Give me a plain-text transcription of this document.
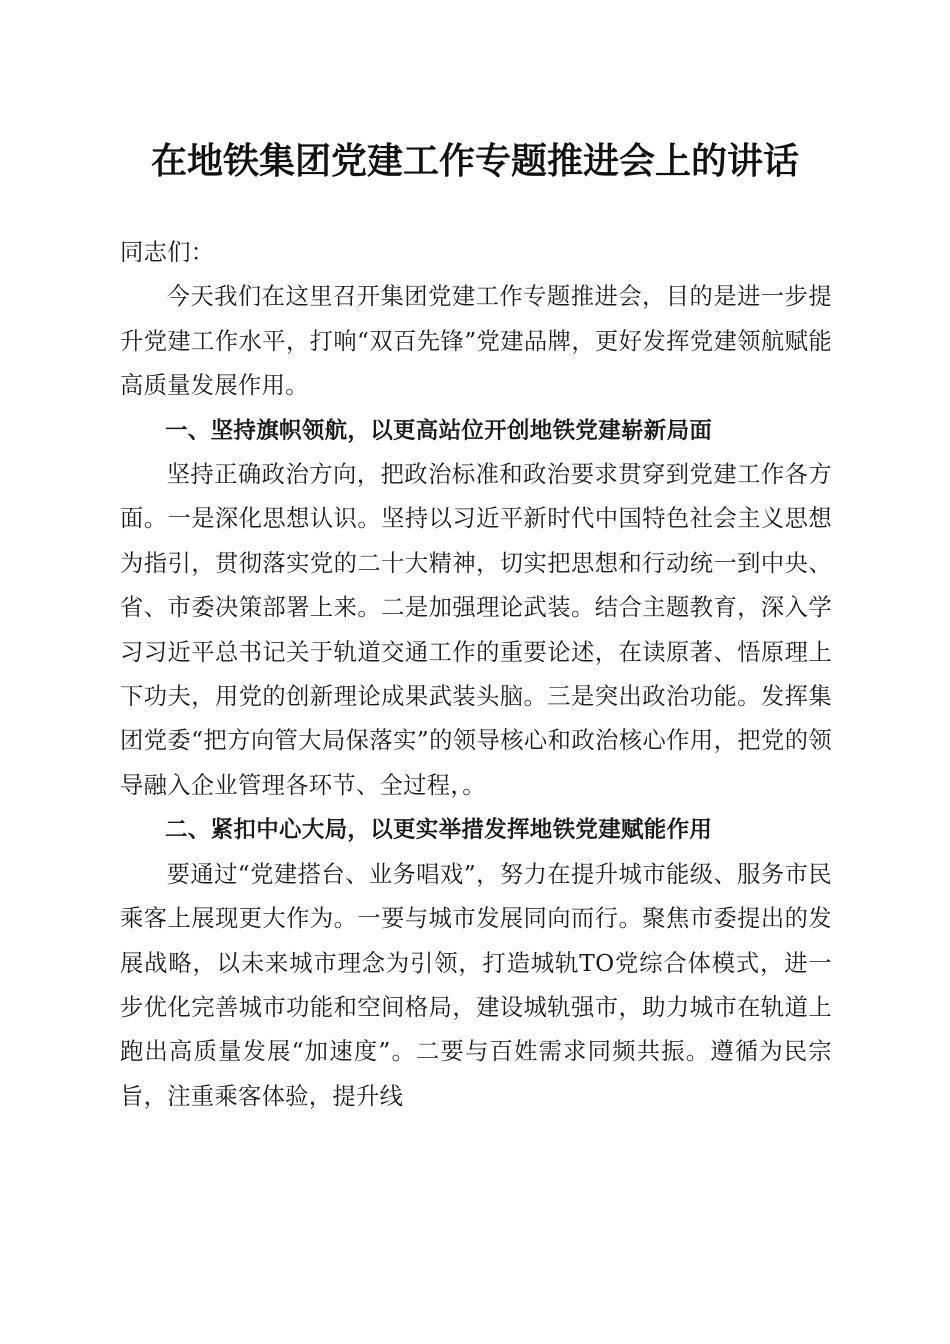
在地铁集团党建工作专题推进会上的讲话

同志们：

今天我们在这里召开集团党建工作专题推进会，目的是进一步提升党建工作水平，打响“双百先锋”党建品牌，更好发挥党建领航赋能高质量发展作用。

一、坚持旗帜领航，以更高站位开创地铁党建崭新局面

坚持正确政治方向，把政治标准和政治要求贯穿到党建工作各方面。一是深化思想认识。坚持以习近平新时代中国特色社会主义思想为指引，贯彻落实党的二十大精神，切实把思想和行动统一到中央、省、市委决策部署上来。二是加强理论武装。结合主题教育，深入学习习近平总书记关于轨道交通工作的重要论述，在读原著、悟原理上下功夫，用党的创新理论成果武装头脑。三是突出政治功能。发挥集团党委“把方向管大局保落实”的领导核心和政治核心作用，把党的领导融入企业管理各环节、全过程，。

二、紧扣中心大局，以更实举措发挥地铁党建赋能作用

要通过“党建搭台、业务唱戏”，努力在提升城市能级、服务市民乘客上展现更大作为。一要与城市发展同向而行。聚焦市委提出的发展战略，以未来城市理念为引领，打造城轨TO党综合体模式，进一步优化完善城市功能和空间格局，建设城轨强市，助力城市在轨道上跑出高质量发展“加速度”。二要与百姓需求同频共振。遵循为民宗旨，注重乘客体验，提升线
